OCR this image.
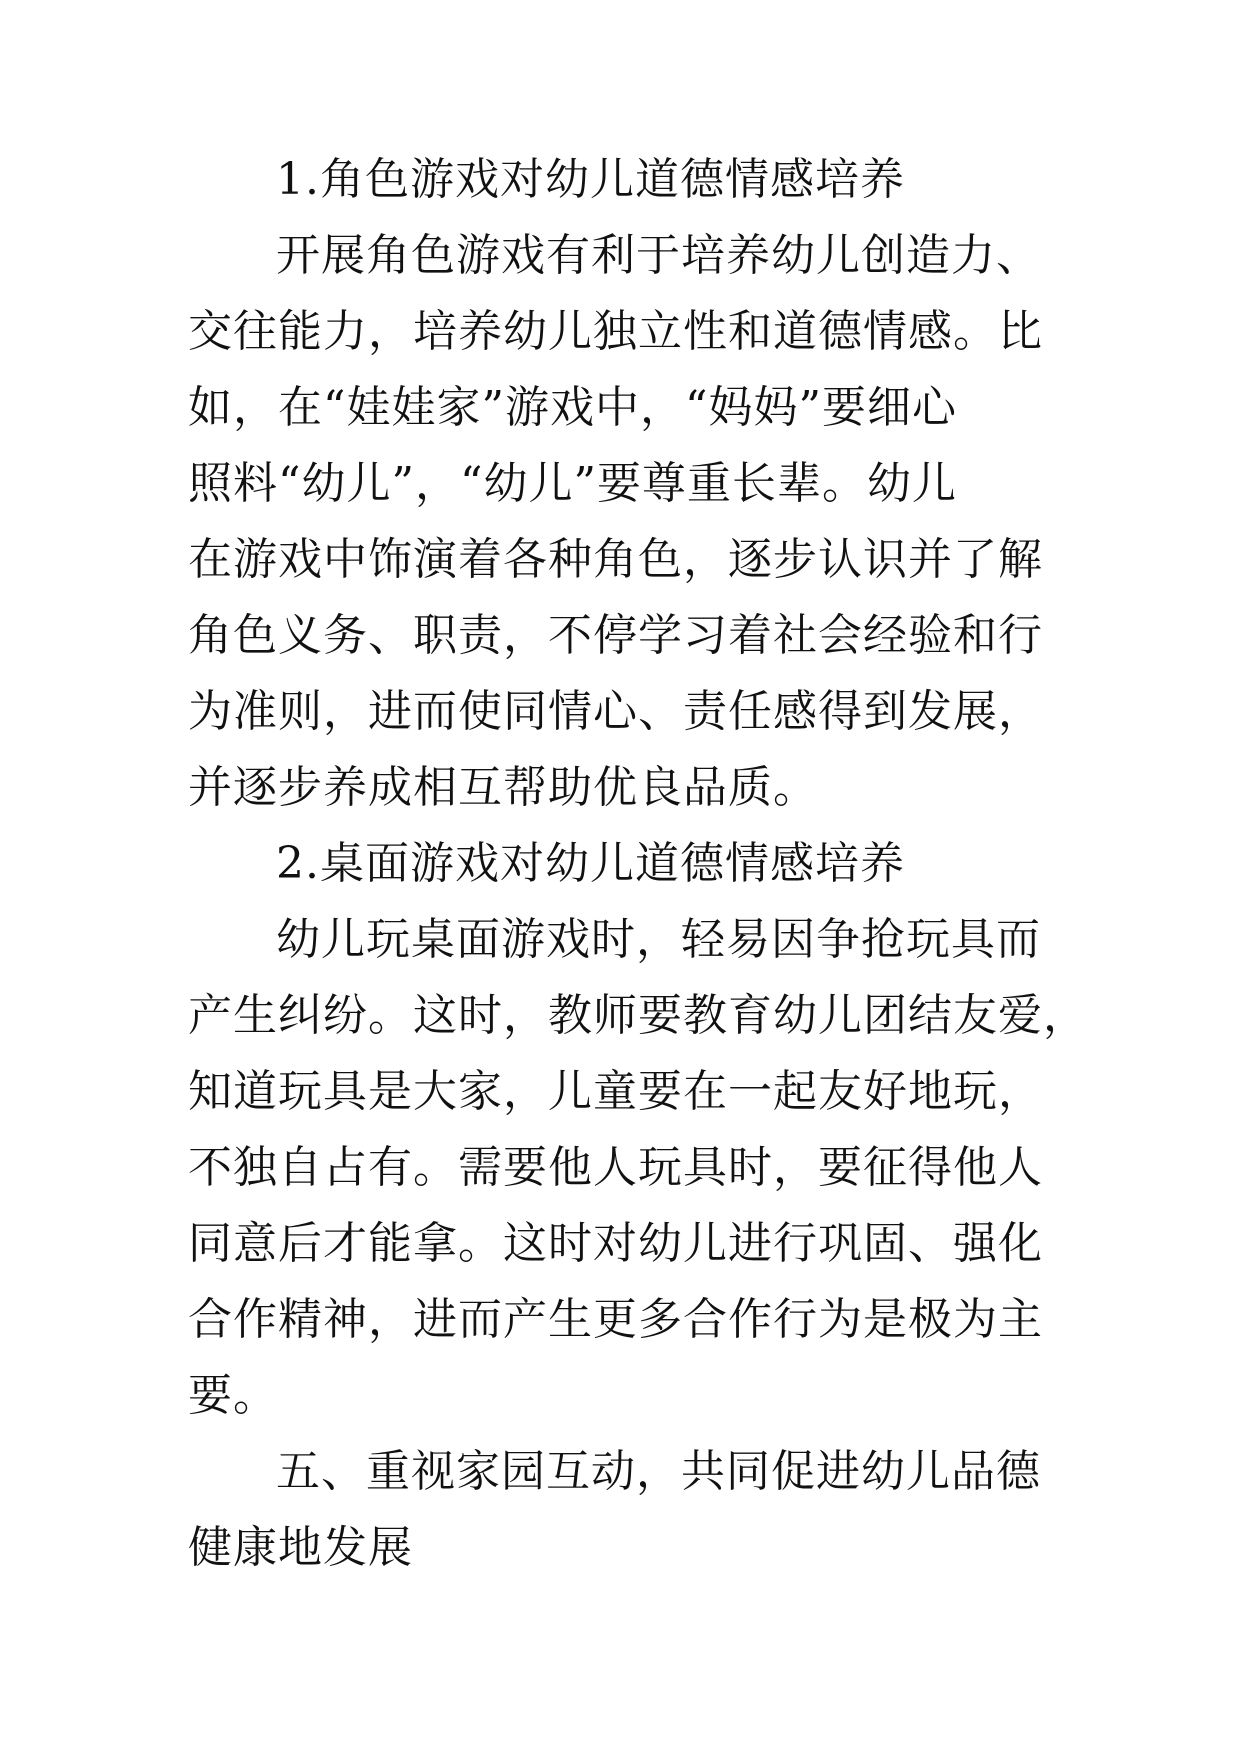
1.角色游戏对幼儿道德情感培养
开展角色游戏有利于培养幼儿创造力、
交往能力，培养幼儿独立性和道德情感。比
如，在“娃娃家”游戏中，“妈妈”要细心
照料“幼儿”，“幼儿”要尊重长辈。幼儿
在游戏中饰演着各种角色，逐步认识并了解
角色义务、职责，不停学习着社会经验和行
为准则，进而使同情心、责任感得到发展，
并逐步养成相互帮助优良品质。
2.桌面游戏对幼儿道德情感培养
幼儿玩桌面游戏时，轻易因争抢玩具而
产生纠纷。这时，教师要教育幼儿团结友爱，
知道玩具是大家，儿童要在一起友好地玩，
不独自占有。需要他人玩具时，要征得他人
同意后才能拿。这时对幼儿进行巩固、强化
合作精神，进而产生更多合作行为是极为主
要。
五、重视家园互动，共同促进幼儿品德
健康地发展
